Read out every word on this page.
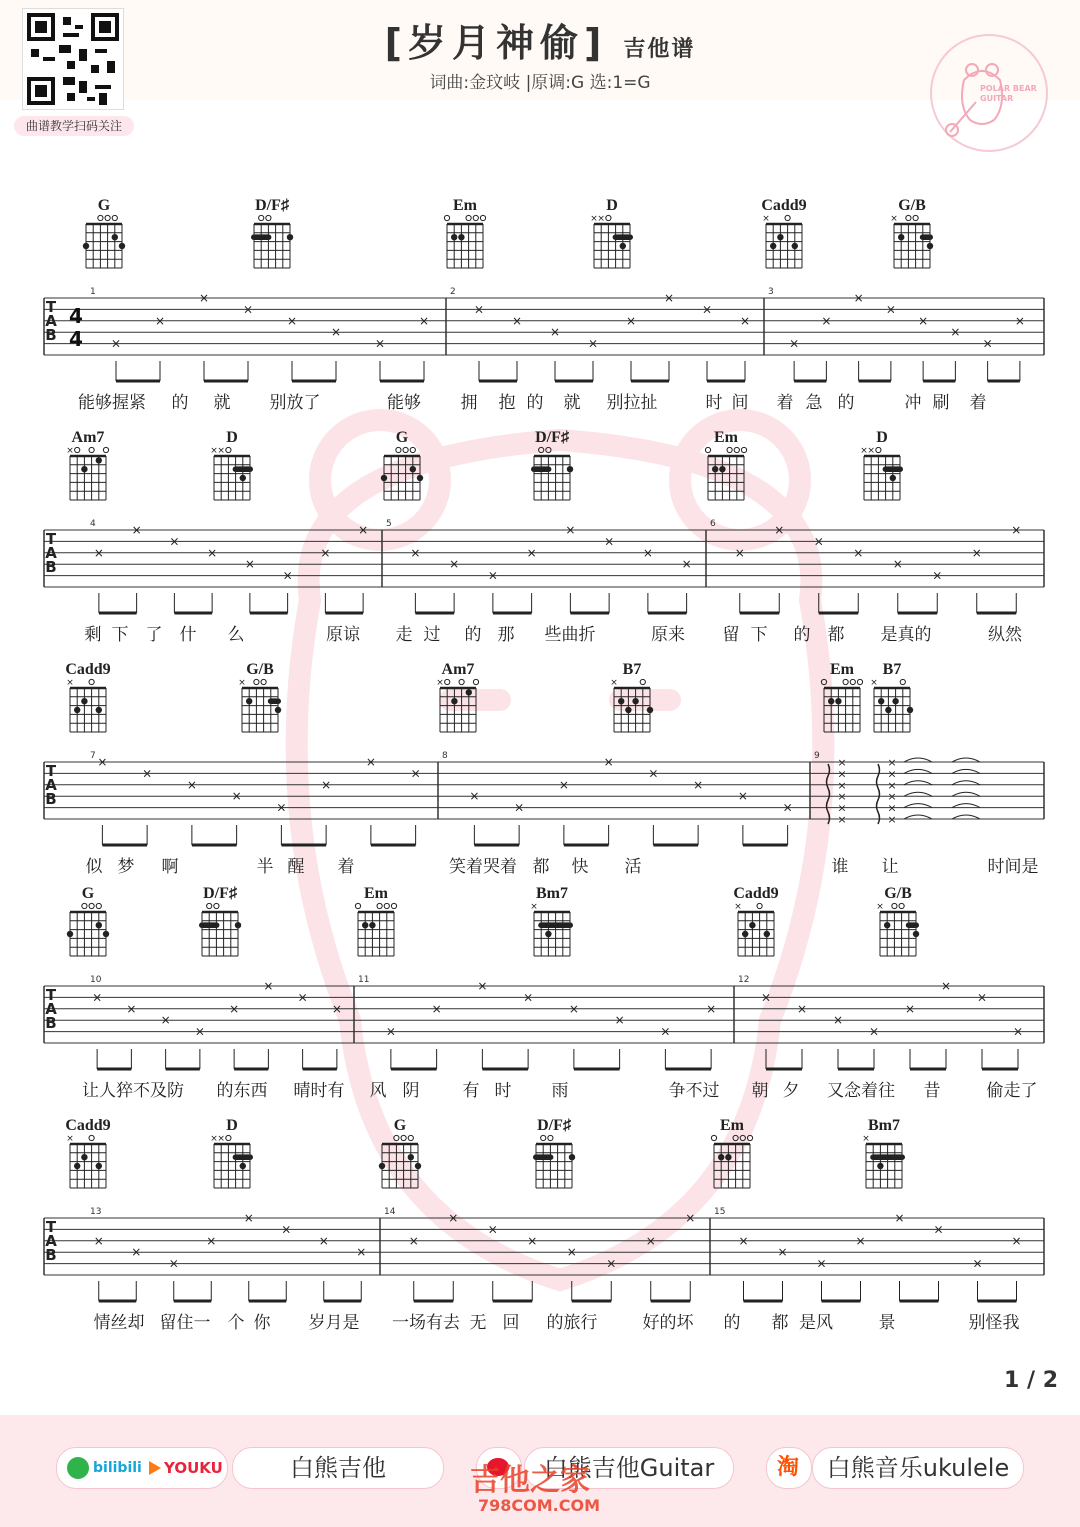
曲谱教学扫码关注
[岁月神偷] 吉他谱
词曲:金玟岐 |原调:G 选:1=G	POLAR BEAR GUITAR
G	D/F♯	Em	D
× ×
Cadd9
×
G/B
×
T
A
B
4
4
1	2	3
×
×
×
×
×
×
×
×
×
×
×
×
×
×
×
×
×
×
×
×
×
×
×
×
能够握紧 的 就 别放了	能够 拥 抱 的 就 别拉扯	时 间 着 急 的	冲 刷 着
Am7
×
D
× ×
G	D/F♯	Em	D
× ×
T
A
B
4	5	6
×
×
×
×
×
×
×
×
×
×
×
×
×
×
×
×
×
×
×
×
×
×
×
×
剩 下 了 什 么	原谅 走 过 的 那 些曲折	原来 留 下 的 都 是真的	纵然
Cadd9
×
G/B
×
Am7
×
B7
×
Em B7
×
T
A
B
7	8	9
×
×
×
×
×
×
×
×
×
×
×
×
×
×
×
×
×
×
×
×
×
×
×
×
×
×
×
×
似 梦 啊	半 醒 着	笑着哭着 都 快 活	谁 让	时间是
G	D/F♯	Em	Bm7
×
Cadd9
×
G/B
×
T
A
B
10	11	12
×
×
×
×
×
×
×
×
×
×
×
×
×
×
×
×
×
×
×
×
×
×
×
×
让人猝不及防 的东西 晴时有 风 阴	有 时 雨	争不过 朝 夕 又念着往 昔	偷走了
Cadd9
×
D
× ×
G	D/F♯	Em	Bm7
×
T
A
B
13	14	15
×
×
×
×
×
×
×
×
×
×
×
×
×
×
×
×
×
×
×
×
×
×
×
×
情丝却 留住一 个 你 岁月是 一场有去 无 回 的旅行	好的坏 的 都 是风	景	别怪我
1 / 2
bilibili YOUKU	白熊吉他	白熊吉他Guitar	淘	白熊音乐ukulele
吉他之家
798COM.COM
